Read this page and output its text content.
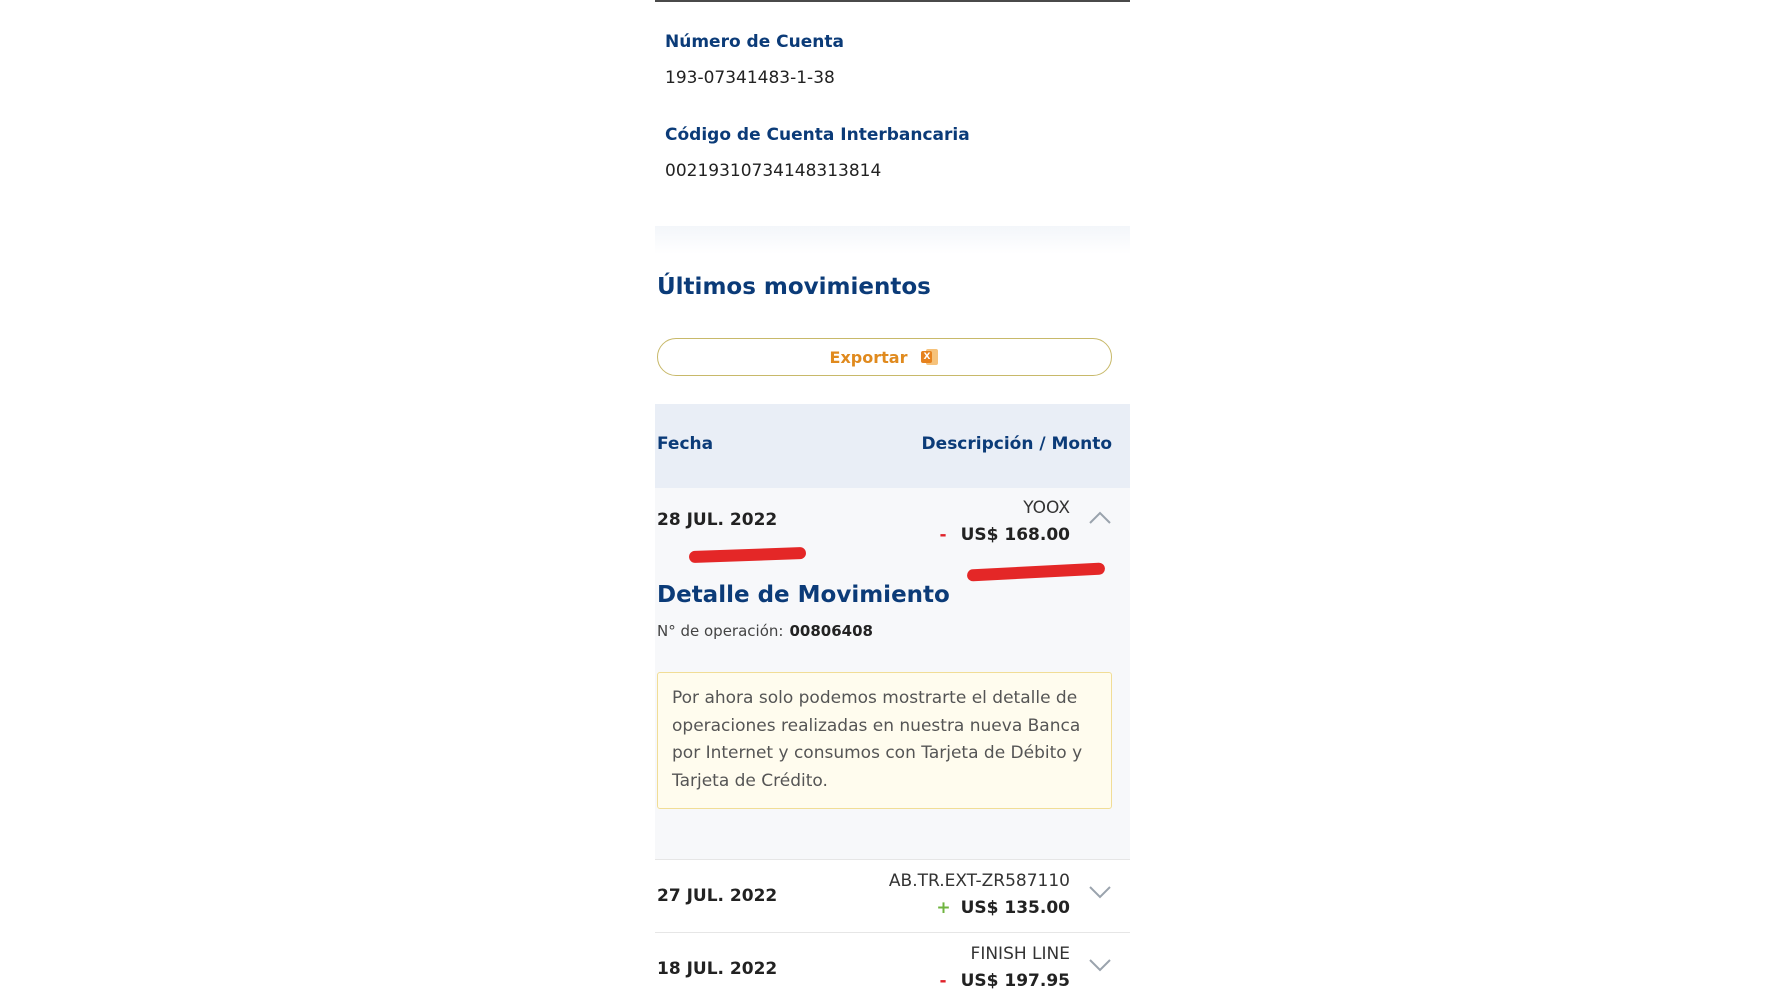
Número de Cuenta
193-07341483-1-38
Código de Cuenta Interbancaria
00219310734148313814
Últimos movimientos
Exportar X
Fecha	Descripción / Monto
28 JUL. 2022
YOOX
- US$ 168.00
Detalle de Movimiento
N° de operación: 00806408
Por ahora solo podemos mostrarte el detalle de operaciones realizadas en nuestra nueva Banca por Internet y consumos con Tarjeta de Débito y Tarjeta de Crédito.
27 JUL. 2022
AB.TR.EXT-ZR587110
+ US$ 135.00
18 JUL. 2022
FINISH LINE
- US$ 197.95
